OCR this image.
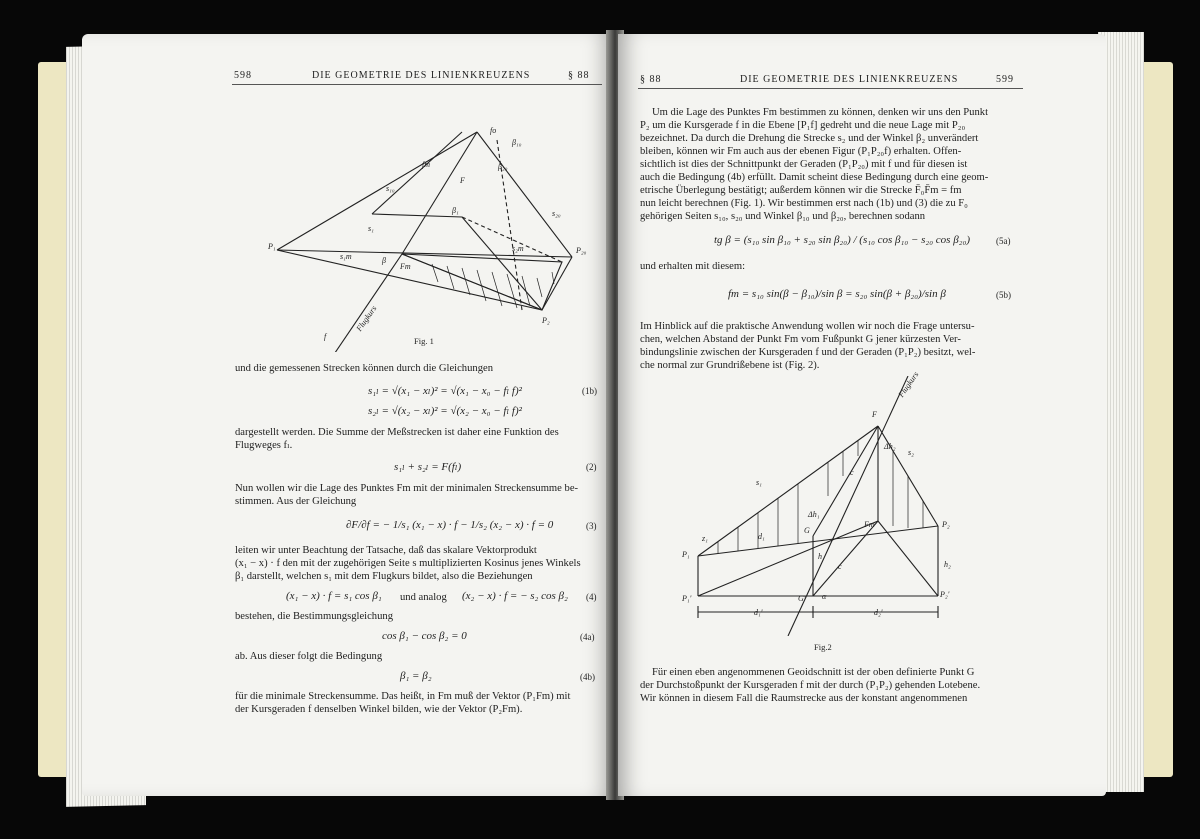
598	DIE GEOMETRIE DES LINIENKREUZENS	§ 88
P₁
fo
P₂₀
P₂
Fm
F
Flugkurs
f
s₁₀
s₁
s₁m
s₂m
s₂₀
fm
β
β₁
β₂₀
β₁₀
Fig. 1
und die gemessenen Strecken können durch die Gleichungen
s₁ₗ = √(x₁ − xₗ)² = √(x₁ − x₀ − fₗ f)²	(1b)
s₂ₗ = √(x₂ − xₗ)² = √(x₂ − x₀ − fₗ f)²
dargestellt werden. Die Summe der Meßstrecken ist daher eine Funktion des
Flugweges fₗ.
s₁ₗ + s₂ₗ = F(fₗ)	(2)
Nun wollen wir die Lage des Punktes Fm mit der minimalen Streckensumme be-
stimmen. Aus der Gleichung
∂F/∂f = − 1/s₁ (x₁ − x) · f − 1/s₂ (x₂ − x) · f = 0	(3)
leiten wir unter Beachtung der Tatsache, daß das skalare Vektorprodukt
(x₁ − x) · f den mit der zugehörigen Seite s multiplizierten Kosinus jenes Winkels
β₁ darstellt, welchen s₁ mit dem Flugkurs bildet, also die Beziehungen
(x₁ − x) · f = s₁ cos β₁ und analog (x₂ − x) · f = − s₂ cos β₂ (4)
bestehen, die Bestimmungsgleichung
cos β₁ − cos β₂ = 0	(4a)
ab. Aus dieser folgt die Bedingung
β₁ = β₂	(4b)
für die minimale Streckensumme. Das heißt, in Fm muß der Vektor (P₁Fm) mit
der Kursgeraden f denselben Winkel bilden, wie der Vektor (P₂Fm).
§ 88	DIE GEOMETRIE DES LINIENKREUZENS	599
Um die Lage des Punktes Fm bestimmen zu können, denken wir uns den Punkt
P₂ um die Kursgerade f in die Ebene [P₁f] gedreht und die neue Lage mit P₂₀
bezeichnet. Da durch die Drehung die Strecke s₂ und der Winkel β₂ unverändert
bleiben, können wir Fm auch aus der ebenen Figur (P₁P₂₀f) erhalten. Offen-
sichtlich ist dies der Schnittpunkt der Geraden (P₁P₂₀) mit f und für diesen ist
auch die Bedingung (4b) erfüllt. Damit scheint diese Bedingung durch eine geom-
etrische Überlegung bestätigt; außerdem können wir die Strecke F̄₀F̄m = fm
nun leicht berechnen (Fig. 1). Wir bestimmen erst nach (1b) und (3) die zu F₀
gehörigen Seiten s₁₀, s₂₀ und Winkel β₁₀ und β₂₀, berechnen sodann
tg β = (s₁₀ sin β₁₀ + s₂₀ sin β₂₀) / (s₁₀ cos β₁₀ − s₂₀ cos β₂₀)	(5a)
und erhalten mit diesem:
fm = s₁₀ sin(β − β₁₀)/sin β = s₂₀ sin(β + β₂₀)/sin β	(5b)
Im Hinblick auf die praktische Anwendung wollen wir noch die Frage untersu-
chen, welchen Abstand der Punkt Fm vom Fußpunkt G jener kürzesten Ver-
bindungslinie zwischen der Kursgeraden f und der Geraden (P₁P₂) besitzt, wel-
che normal zur Grundrißebene ist (Fig. 2).
Flugkurs
F
Fm
P₁
P₂
P₁'	P₂'
G
G'
s₁
s₂
c
c
h
h₂
d₁
d₁'	d₂'
z₁
α
Δh₁
Δh₂
Fig.2
Für einen eben angenommenen Geoidschnitt ist der oben definierte Punkt G
der Durchstoßpunkt der Kursgeraden f mit der durch (P₁P₂) gehenden Lotebene.
Wir können in diesem Fall die Raumstrecke aus der konstant angenommenen
